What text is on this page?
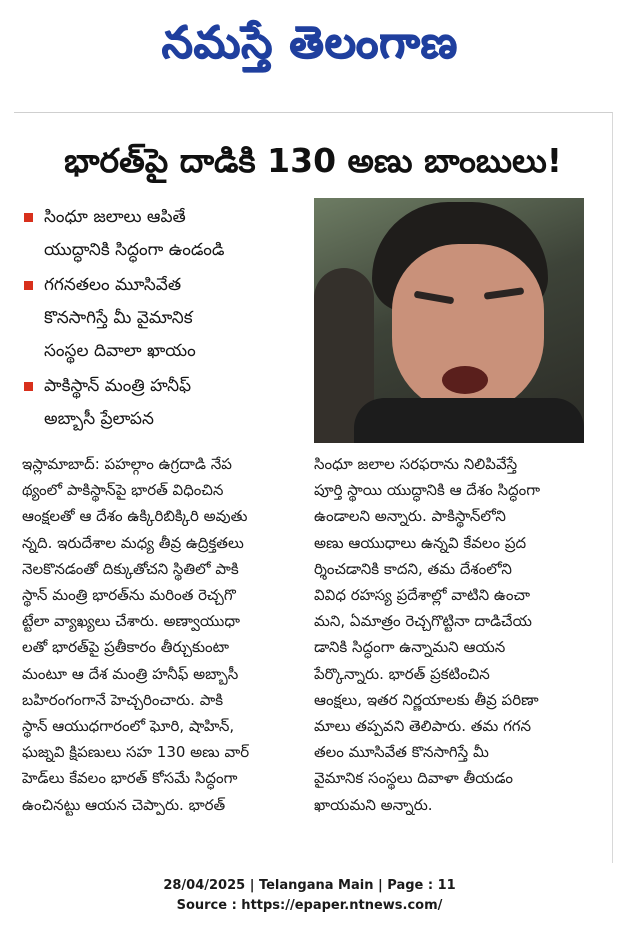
నమస్తే తెలంగాణ
భారత్‌పై దాడికి 130 అణు బాంబులు!
సింధూ జలాలు ఆపితే
యుద్ధానికి సిద్ధంగా ఉండండి
గగనతలం మూసివేత
కొనసాగిస్తే మీ వైమానిక
సంస్థల దివాలా ఖాయం
పాకిస్థాన్ మంత్రి హనీఫ్
అబ్బాసీ ప్రేలాపన
ఇస్లామాబాద్: పహల్గాం ఉగ్రదాడి నేప
థ్యంలో పాకిస్థాన్‌పై భారత్ విధించిన
ఆంక్షలతో ఆ దేశం ఉక్కిరిబిక్కిరి అవుతు
న్నది. ఇరుదేశాల మధ్య తీవ్ర ఉద్రిక్తతలు
నెలకొనడంతో దిక్కుతోచని స్థితిలో పాకి
స్థాన్ మంత్రి భారత్‌ను మరింత రెచ్చగొ
ట్టేలా వ్యాఖ్యలు చేశారు. అణ్వాయుధా
లతో భారత్‌పై ప్రతీకారం తీర్చుకుంటా
మంటూ ఆ దేశ మంత్రి హనీఫ్ అబ్బాసీ
బహిరంగంగానే హెచ్చరించారు. పాకి
స్థాన్ ఆయుధగారంలో ఘోరి, షాహిన్,
ఘజ్నవి క్షిపణులు సహ 130 అణు వార్
హెడ్‌లు కేవలం భారత్ కోసమే సిద్ధంగా
ఉంచినట్టు ఆయన చెప్పారు. భారత్
సింధూ జలాల సరఫరాను నిలిపివేస్తే
పూర్తి స్థాయి యుద్ధానికి ఆ దేశం సిద్ధంగా
ఉండాలని అన్నారు. పాకిస్థాన్‌లోని
అణు ఆయుధాలు ఉన్నవి కేవలం ప్రద
ర్శించడానికి కాదని, తమ దేశంలోని
వివిధ రహస్య ప్రదేశాల్లో వాటిని ఉంచా
మని, ఏమాత్రం రెచ్చగొట్టినా దాడిచేయ
డానికి సిద్ధంగా ఉన్నామని ఆయన
పేర్కొన్నారు. భారత్ ప్రకటించిన
ఆంక్షలు, ఇతర నిర్ణయాలకు తీవ్ర పరిణా
మాలు తప్పవని తెలిపారు. తమ గగన
తలం మూసివేత కొనసాగిస్తే మీ
వైమానిక సంస్థలు దివాళా తీయడం
ఖాయమని అన్నారు.
28/04/2025 | Telangana Main | Page : 11
Source : https://epaper.ntnews.com/
